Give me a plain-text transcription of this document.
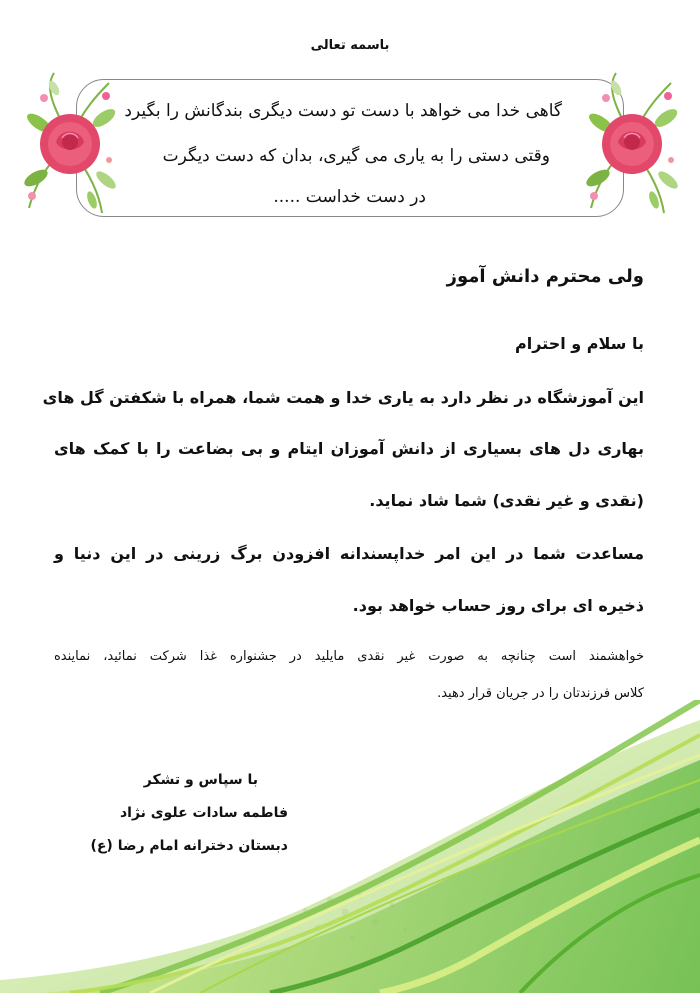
باسمه تعالی
گاهی خدا می خواهد با دست تو دست دیگری بندگانش را بگیرد
وقتی دستی را به یاری می گیری، بدان که دست دیگرت
در دست خداست .....
ولی محترم دانش آموز
با سلام و احترام
این آموزشگاه در نظر دارد به یاری خدا و همت شما، همراه با شکفتن گل های
بهاری دل های بسیاری از دانش آموزان ایتام و بی بضاعت را با کمک های
(نقدی و غیر نقدی) شما شاد نماید.
مساعدت شما در این امر خداپسندانه افزودن برگ زرینی در این دنیا و
ذخیره ای برای روز حساب خواهد بود.
خواهشمند است چنانچه به صورت غیر نقدی مایلید در جشنواره غذا شرکت نمائید، نماینده
کلاس فرزندتان را در جریان قرار دهید.
با سپاس و تشکر
فاطمه سادات علوی نژاد
دبستان دخترانه امام رضا (ع)
